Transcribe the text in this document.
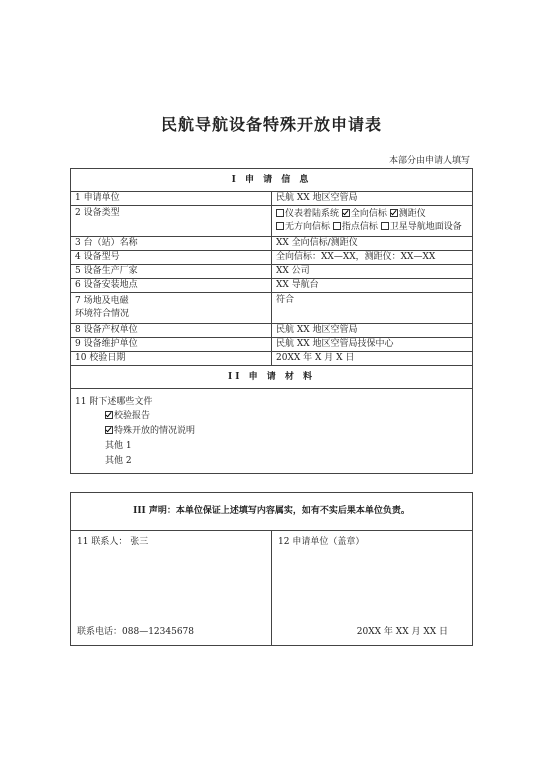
民航导航设备特殊开放申请表
本部分由申请人填写
Ⅰ 申 请 信 息	
1 申请单位	民航 XX 地区空管局
2 设备类型	仪表着陆系统 全向信标 测距仪
无方向信标 指点信标 卫星导航地面设备

3 台（站）名称	XX 全向信标/测距仪
4 设备型号	全向信标：XX—XX，测距仪：XX—XX
5 设备生产厂家	XX 公司
6 设备安装地点	XX 导航台

7 场地及电磁
环境符合情况	符合
8 设备产权单位	民航 XX 地区空管局
9 设备维护单位	民航 XX 地区空管局技保中心
10 校验日期	20XX 年 X 月 X 日
II 申 请 材 料	

11 附下述哪些文件
校验报告
特殊开放的情况说明
其他 1
其他 2	
III 声明：本单位保证上述填写内容属实，如有不实后果本单位负责。
11 联系人： 张三
联系电话：088—12345678
12 申请单位（盖章）
20XX 年 XX 月 XX 日
